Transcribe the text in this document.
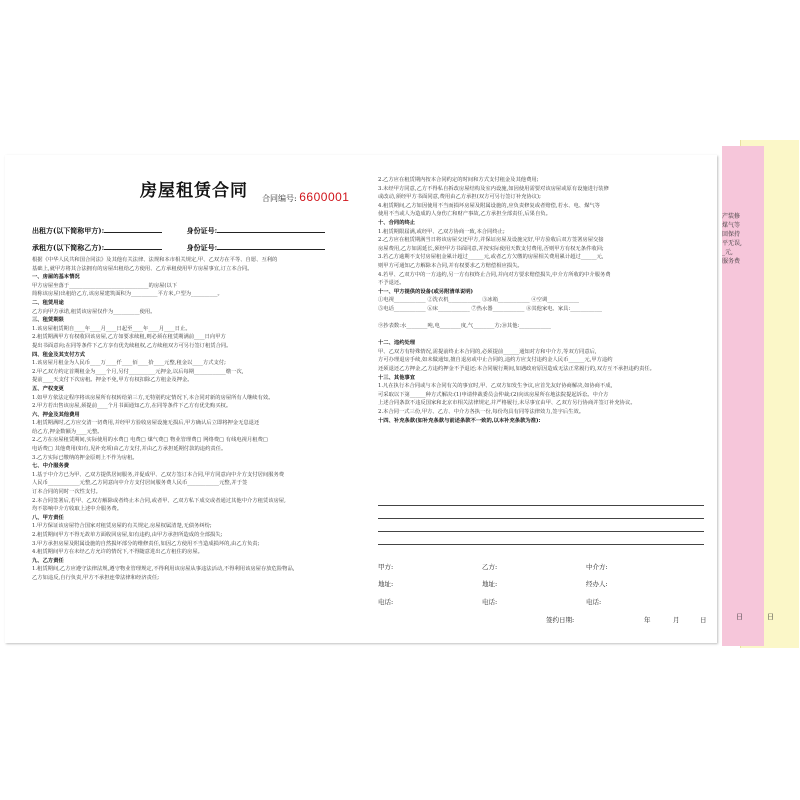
日
产装修
煤气等
回保持
平无误,
_元,
服务费
日
房屋租赁合同 合同编号: 6600001
出租方(以下简称甲方):	身份证号:
承租方(以下简称乙方):	身份证号:
根据《中华人民共和国合同法》及其他有关法律、法规和本市相关规定,甲、乙双方在平等、自愿、互利的
基础上,就甲方将其合法拥有的房屋出租给乙方使用、乙方承租使用甲方房屋事宜,订立本合同。
一、房屋的基本情况
甲方房屋坐落于______________________________的房屋(以下
简称该房屋)出租给乙方,该房屋建筑面积为__________平方米,户型为__________。
二、租赁用途
乙方向甲方承诺,租赁该房屋仅作为__________使用。
三、租赁期限
1.该房屋租赁期自____年____月____日起至____年____月____日止。
2.租赁期满甲方有权收回该房屋,乙方如要求续租,则必须在租赁期满前____日向甲方
提出书面意向;在同等条件下乙方享有优先续租权,乙方续租双方可另行签订租赁合同。
四、租金及其支付方式
1.该房屋月租金为人民币____万____仟____佰____拾____元整,租金以____方式支付;
2.甲乙双方约定首期租金为____个月,另付__________元押金,以后每期____________缴一次,
提前____天支付下次房租。押金不免,甲方有权扣除乙方租金及押金。
五、产权变更
1.如甲方依法定程序将该房屋所有权转给第三方,无特别约定情况下,本合同对新的房屋所有人继续有效。
2.甲方若出售该房屋,须提前____个月书面通知乙方,在同等条件下乙方有优先购买权。
六、押金及其他费用
1.租赁期满时,乙方应交清一切费用,并经甲方验收房屋设施无损后,甲方确认后立即将押金无息退还
给乙方,押金数额为____元整。
2.乙方在房屋租赁期间,实际使用的水费□ 电费□ 煤气费□ 物业管理费□ 网络费□ 有线电视月租费□
电话费□ 其他费用(如有,见补充项)由乙方支付,并由乙方承担延期付款的违约责任。
3.乙方实际已缴纳的押金原则上不作为房租。
七、中介服务费
1.基于中介方已为甲、乙双方提供居间服务,并促成甲、乙双方签订本合同,甲方同意向中介方支付居间服务费
人民币____________元整,乙方同意向中介方支付居间服务费人民币____________元整,并于签
订本合同的同时一次性支付。
2.本合同签署后,若甲、乙双方解除或者终止本合同,或者甲、乙双方私下成交或者通过其他中介方租赁该房屋,
均不影响中介方收取上述中介服务费。
八、甲方责任
1.甲方保证该房屋符合国家对租赁房屋的有关规定,房屋权属清楚,无债务纠纷;
2.租赁期间甲方不得无故单方面收回房屋,如有违约,由甲方承担所造成的全部损失;
3.甲方承担房屋及附属设施的自然损坏部分的维修责任,如因乙方使用不当造成损坏的,由乙方负责;
4.租赁期间甲方在未经乙方允许的情况下,不得随意进出乙方租住的房屋。
九、乙方责任
1.租赁期间,乙方应遵守法律法规,遵守物业管理规定,不得利用该房屋从事违法活动,不得利用该房屋存放危险物品,
乙方如违反,自行负责,甲方不承担连带法律和经济责任;
2.乙方应在租赁期内按本合同约定的时间和方式支付租金及其他费用;
3.未经甲方同意,乙方不得私自拆改房屋结构及室内设施,如因使用需要对该房屋或原有设施进行装修
或改动,须经甲方书面同意,费用由乙方承担(双方可另行签订补充协议);
4.租赁期间,乙方如因使用不当而损坏房屋及附属设施的,应负责修复或者赔偿,若水、电、煤气等
使用不当或人为造成的人身伤亡和财产事故,乙方承担全部责任,后果自负。
十、合同的终止
1.租赁期限届满,或经甲、乙双方协商一致,本合同终止;
2.乙方应在租赁期满当日将该房屋交还甲方,并保证房屋及设施完好,甲方验收后双方签署房屋交接
房屋费用,乙方如需延长,须经甲方书面同意,并按实际使用天数支付费用,否则甲方有权无条件收回;
3.若乙方逾期不支付房屋租金累计超过______元,或者乙方欠缴的房屋相关费用累计超过______元,
则甲方可通知乙方解除本合同,并有权要求乙方赔偿相应损失。
4.若甲、乙双方中的一方违约,另一方有权终止合同,并向对方要求赔偿损失,中介方所收的中介服务费
不予退还。
十一、甲方提供的设备(或另附清单说明)
①电视____________ ②洗衣机____________ ③冰箱____________ ④空调____________
⑤电话____________ ⑥床____________ ⑦热水器____________ ⑧其他家电、家具:____________
⑨抄表数:水________吨,电________度,气________方;⑩其他:____________
十二、违约处理
甲、乙双方有特殊情况,需提前终止本合同的,必须提前______通知对方和中介方,等双方同意后,
方可办理退房手续,如未做通知,擅自退房或中止合同的,违约方应支付违约金人民币______元,甲方违约
还须退还乙方押金,乙方违约押金不予退还;本合同履行期间,如遇政府原因造成无法正常履行的,双方互不承担违约责任。
十三、其他事宜
1.凡在执行本合同或与本合同有关的事宜时,甲、乙双方如发生争议,应首先友好协商解决,如协商不成,
可采取以下第______种方式解决:(1)申请仲裁委员会仲裁;(2)向该房屋所在地法院提起诉讼。中介方
上述合同条款不违反国家和北京市相关法律规定,并严格履行,未尽事宜由甲、乙双方另行协商并签订补充协议。
2.本合同一式三份,甲方、乙方、中介方各执一份,每份均具有同等法律效力,签字后生效。
十四、补充条款(如补充条款与前述条款不一致的,以本补充条款为准):
甲方:	乙方:	中介方:
地址:	地址:	经办人:
电话:	电话:	电话:
签约日期:	年	月	日
